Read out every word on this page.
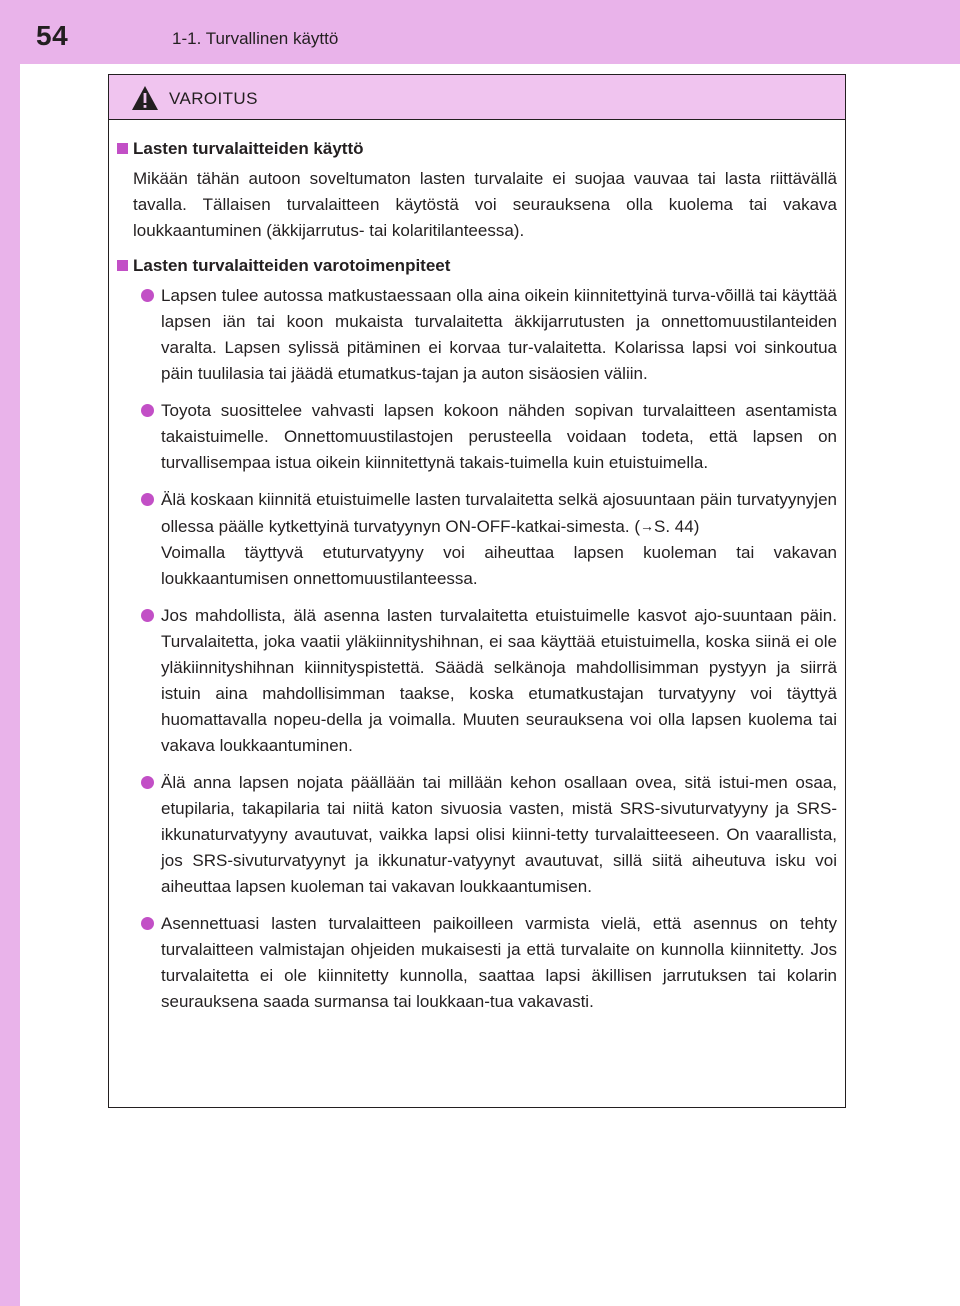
54	1-1. Turvallinen käyttö
VAROITUS
Lasten turvalaitteiden käyttö

Mikään tähän autoon soveltumaton lasten turvalaite ei suojaa vauvaa tai lasta riittävällä tavalla. Tällaisen turvalaitteen käytöstä voi seurauksena olla kuolema tai vakava loukkaantuminen (äkkijarrutus- tai kolaritilanteessa).

Lasten turvalaitteiden varotoimenpiteet
Lapsen tulee autossa matkustaessaan olla aina oikein kiinnitettyinä turva-võillä tai käyttää lapsen iän tai koon mukaista turvalaitetta äkkijarrutusten ja onnettomuustilanteiden varalta. Lapsen sylissä pitäminen ei korvaa tur-valaitetta. Kolarissa lapsi voi sinkoutua päin tuulilasia tai jäädä etumatkus-tajan ja auton sisäosien väliin.
Toyota suosittelee vahvasti lapsen kokoon nähden sopivan turvalaitteen asentamista takaistuimelle. Onnettomuustilastojen perusteella voidaan todeta, että lapsen on turvallisempaa istua oikein kiinnitettynä takais-tuimella kuin etuistuimella.
Älä koskaan kiinnitä etuistuimelle lasten turvalaitetta selkä ajosuuntaan päin turvatyynyjen ollessa päälle kytkettyinä turvatyynyn ON-OFF-katkai-simesta. (→S. 44)
Voimalla täyttyvä etuturvatyyny voi aiheuttaa lapsen kuoleman tai vakavan loukkaantumisen onnettomuustilanteessa.
Jos mahdollista, älä asenna lasten turvalaitetta etuistuimelle kasvot ajo-suuntaan päin. Turvalaitetta, joka vaatii yläkiinnityshihnan, ei saa käyttää etuistuimella, koska siinä ei ole yläkiinnityshihnan kiinnityspistettä. Säädä selkänoja mahdollisimman pystyyn ja siirrä istuin aina mahdollisimman taakse, koska etumatkustajan turvatyyny voi täyttyä huomattavalla nopeu-della ja voimalla. Muuten seurauksena voi olla lapsen kuolema tai vakava loukkaantuminen.
Älä anna lapsen nojata päällään tai millään kehon osallaan ovea, sitä istui-men osaa, etupilaria, takapilaria tai niitä katon sivuosia vasten, mistä SRS-sivuturvatyyny ja SRS-ikkunaturvatyyny avautuvat, vaikka lapsi olisi kiinni-tetty turvalaitteeseen. On vaarallista, jos SRS-sivuturvatyynyt ja ikkunatur-vatyynyt avautuvat, sillä siitä aiheutuva isku voi aiheuttaa lapsen kuoleman tai vakavan loukkaantumisen.
Asennettuasi lasten turvalaitteen paikoilleen varmista vielä, että asennus on tehty turvalaitteen valmistajan ohjeiden mukaisesti ja että turvalaite on kunnolla kiinnitetty. Jos turvalaitetta ei ole kiinnitetty kunnolla, saattaa lapsi äkillisen jarrutuksen tai kolarin seurauksena saada surmansa tai loukkaan-tua vakavasti.
